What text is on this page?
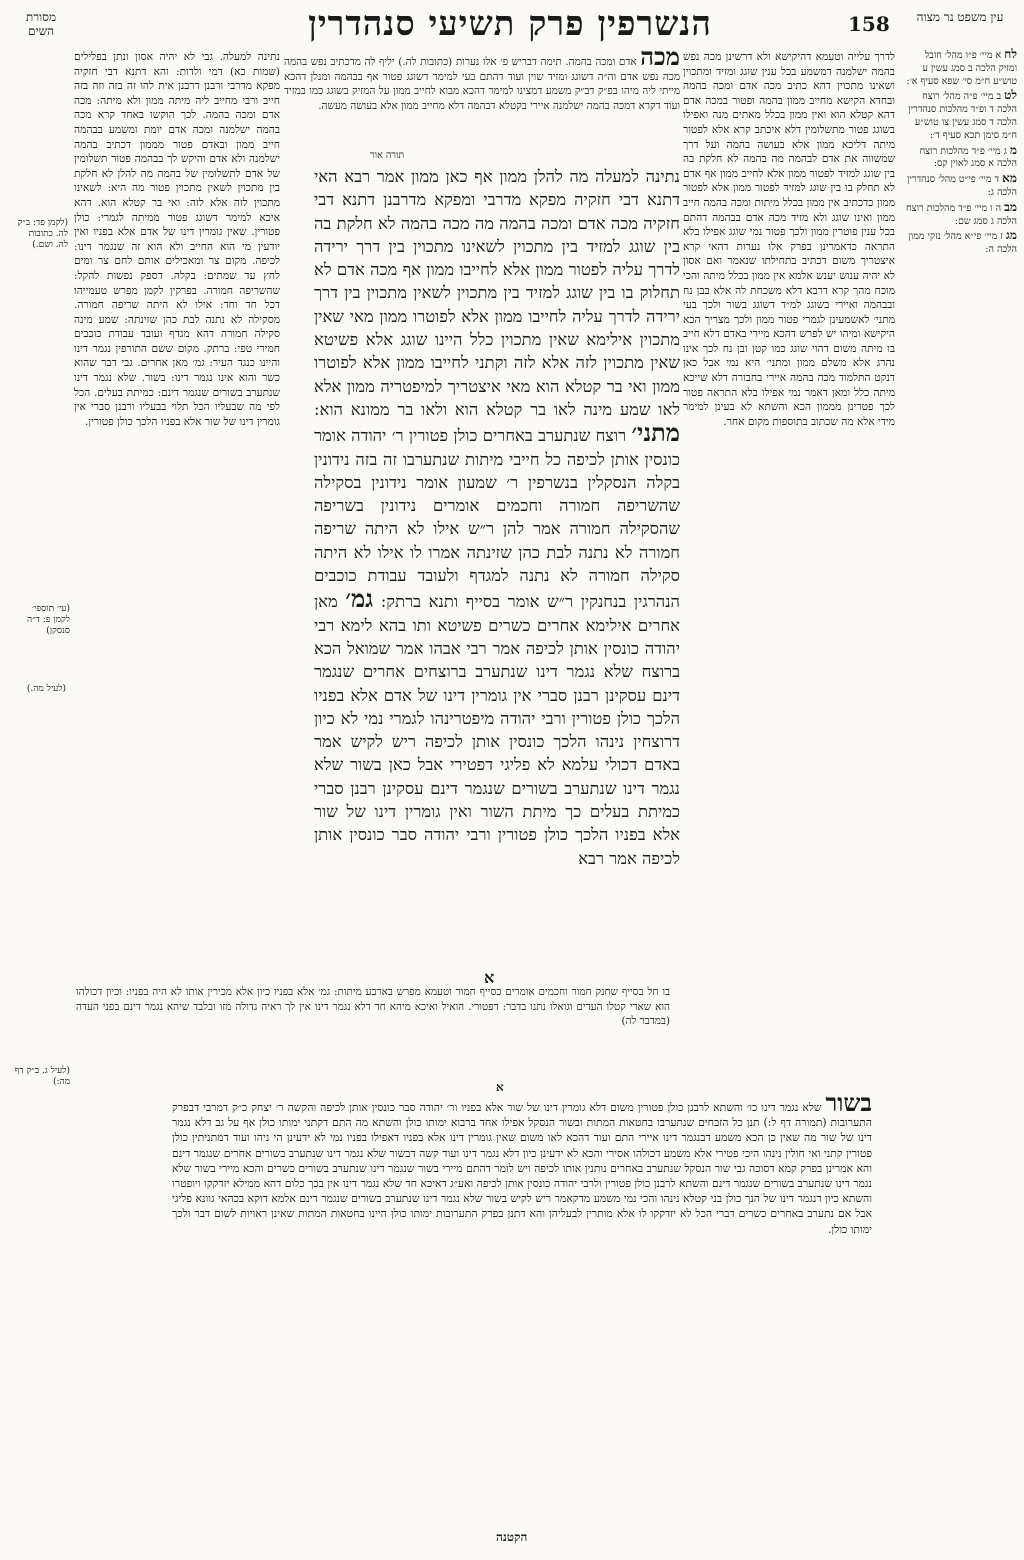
מסורת השים	הנשרפין פרק תשיעי סנהדרין	158	עין משפט נר מצוה
לח א מיי׳ פ״ו מהל׳ חובל ומזיק הלכה ב סמג עשין ע טוש״ע ח״מ סי׳ שפא סעיף א׳:
לט ב מיי׳ פ״ה מהל׳ רוצח הלכה ד ופ״ד מהלכות סנהדרין הלכה ד סמג עשין צו טוש״ע ח״מ סימן תכא סעיף ד׳:
מ ג מיי׳ פ״ד מהלכות רוצח הלכה א סמג לאוין קס:
מא ד מיי׳ פי״ט מהל׳ סנהדרין הלכה ג:
מב ה ו מיי׳ פ״ד מהלכות רוצח הלכה ג סמג שם:
מג ז מיי׳ פי״א מהל׳ נזקי ממון הלכה ה:
(לקמן פד: ב״ק לה. כתובות לה. ושם.)
(עי׳ תוספי׳ לקמן פ: ד״ה סנסקן)
(לעיל מה.)
(לעיל ג. ב״ק דף מה:)
נתינה למעלה. גבי לא יהיה אסון ונתן בפלילים (שמות כא) דמי ולדות: והא דתנא דבי חזקיה מפקא מדרבי ורבנן דרבנן אית להו זה בזה וזה בזה חייב ורבי מחייב ליה מיתה ממון ולא מיתה: מכה אדם ומכה בהמה. לכך הוקשו באחד קרא מכה בהמה ישלמנה ומכה אדם יומת ומשמע בבהמה חייב ממון ובאדם פטור מממון דכתיב בהמה ישלמנה ולא אדם והיקש לך בבהמה פטור תשלומין של אדם לתשלומין של בהמה מה להלן לא חלקת בין מתכוין לשאין מתכוין פטור מה היא: לשאינו מתכוין לזה אלא לזה: ואי בר קטלא הוא. דהא איכא למימר דשוגג פטור ממיתה לגמרי: כולן פטורין. שאין גומרין דינו של אדם אלא בפניו ואין יודעין מי הוא החייב ולא הוא זה שנגמר דינו: לכיפה. מקום צר ומאכילים אותם לחם צר ומים לחץ עד שמתים: בקלה. דספק נפשות להקל: שהשריפה חמורה. בפרקין לקמן מפרש טעמייהו דכל חד וחד: אילו לא היתה שריפה חמורה. מסקילה לא נתנה לבת כהן שזינתה: שמע מינה סקילה חמורה דהא מגדף ועובד עבודת כוכבים חמירי טפי: ברתק. מקום ששם התורפין נגמר דינו והיינו כנגד העיר: גמ׳ מאן אחרים. גבי דבר שהוא כשר והוא אינו נגמר דינו: בשור. שלא נגמר דינו שנתערב בשורים שנגמר דינם: כמיתת בעלים. הכל לפי מה שבעליו הכל תלוי בבעליו ורבנן סברי אין גומרין דינו של שור אלא בפניו הלכך כולן פטורין.
מכה אדם ומכה בהמה. תימה דבריש פ׳ אלו נערות (כתובות לה.) יליף לה מדכתיב נפש בהמה מכה נפש אדם וה״ה דשוגג ומזיד שוין ועוד דהתם בעי למימר דשוגג פטור אף בבהמה ומנלן דהכא מייתי ליה מיהו בפ״ק דב״ק משמע דמצינו למימר דהכא מבוא לחייב ממון על המזיק בשוגג כמו במזיד ועוד דקרא דמכה בהמה ישלמנה איירי בקטלא דבהמה דלא מחייב ממון אלא בעושה מעשה.
תורה אור
לדרך עלייה וטעמא דהיקישא ולא דרשינן מכה נפש בהמה ישלמנה דמשמע בכל ענין שוגג ומזיד ומתכוין ושאינו מתכוין דהא כתיב מכה אדם ומכה בהמה ובחדא הקישא מחייב ממון בהמה ופטור במכה אדם דהא קטלא הוא ואין ממון בכלל מאתים מנה ואפילו בשוגג פטור מתשלומין דלא איכתב קרא אלא לפטור מיתה דליכא ממון אלא בעושה בהמה ועל דרך שמשווה את אדם לבהמה מה בהמה לא חלקת בה בין שוגג למזיד לפטור ממון אלא לחייב ממון אף אדם לא תחלק בו בין שוגג למזיד לפטור ממון אלא לפטור ממון כדכתיב אין ממון בכלל מיתות ומכה בהמה חייב ממון ואינו שוגג ולא מזיד מכה אדם בבהמה דהתם בכל ענין פוטרין ממון ולכך פטור נמי שוגג אפילו בלא התראה כדאמרינן בפרק אלו נערות דהאי קרא איצטריך משום דכתיב בתחילתו שנאמר ואם אסון לא יהיה ענוש יענש אלמא אין ממון בכלל מיתה והכי מוכח מהך קרא דרבא דלא משכחת לה אלא בבן נח ובבהמה ואיירי בשוגג למ״ד דשוגג בשור ולכך בעי מתני׳ לאשמעינן לגמרי פטור ממון ולכך מצריך הכא היקישא ומיהו יש לפרש דהכא מיירי באדם דלא חייב בו מיתה משום דהוי שוגג כמו קטן ובן נח לכך אינו נהרג אלא משלם ממון ומתני׳ היא נמי אבל כאן דנקט התלמוד מכה בהמה איירי בחבורה דלא שייכא מיתה כלל ומאן דאמר נמי אפילו בלא התראה פטור לכך פטרינן מממון הכא והשתא לא בעינן למימר מידי אלא מה שכתוב בתוספות מקום אחר.
נתינה למעלה מה להלן ממון אף כאן ממון אמר רבא האי דתנא דבי חזקיה מפקא מדרבי ומפקא מדרבנן דתנא דבי חזקיה מכה אדם ומכה בהמה מה מכה בהמה לא חלקת בה בין שוגג למזיד בין מתכוין לשאינו מתכוין בין דרך ירידה לדרך עליה לפטור ממון אלא לחייבו ממון אף מכה אדם לא תחלוק בו בין שוגג למזיד בין מתכוין לשאין מתכוין בין דרך ירידה לדרך עליה לחייבו ממון אלא לפוטרו ממון מאי שאין מתכוין אילימא שאין מתכוין כלל היינו שוגג אלא פשיטא שאין מתכוין לזה אלא לזה וקתני לחייבו ממון אלא לפוטרו ממון ואי בר קטלא הוא מאי איצטריך למיפטריה ממון אלא לאו שמע מינה לאו בר קטלא הוא ולאו בר ממונא הוא: מתני׳ רוצח שנתערב באחרים כולן פטורין ר׳ יהודה אומר כונסין אותן לכיפה כל חייבי מיתות שנתערבו זה בזה נידונין בקלה הנסקלין בנשרפין ר׳ שמעון אומר נידונין בסקילה שהשריפה חמורה וחכמים אומרים נידונין בשריפה שהסקילה חמורה אמר להן ר״ש אילו לא היתה שריפה חמורה לא נתנה לבת כהן שזינתה אמרו לו אילו לא היתה סקילה חמורה לא נתנה למגדף ולעובד עבודת כוכבים הנהרגין בנחנקין ר״ש אומר בסייף ותנא ברתק: גמ׳ מאן אחרים אילימא אחרים כשרים פשיטא ותו בהא לימא רבי יהודה כונסין אותן לכיפה אמר רבי אבהו אמר שמואל הכא ברוצח שלא נגמר דינו שנתערב ברוצחים אחרים שנגמר דינם עסקינן רבנן סברי אין גומרין דינו של אדם אלא בפניו הלכך כולן פטורין ורבי יהודה מיפטרינהו לגמרי נמי לא כיון דרוצחין נינהו הלכך כונסין אותן לכיפה ריש לקיש אמר באדם דכולי עלמא לא פליגי דפטירי אבל כאן בשור שלא נגמר דינו שנתערב בשורים שנגמר דינם עסקינן רבנן סברי כמיתת בעלים כך מיתת השור ואין גומרין דינו של שור אלא בפניו הלכך כולן פטורין ורבי יהודה סבר כונסין אותן לכיפה אמר רבא
א
בו חל בסייף שחנק חמור וחכמים אומרים כסייף חמור וטעמא מפרש בארבע מיתות: גמ׳ אלא בפניו כיון אלא מכירין אותו לא היה בפניו: וכיון דכולהו הוא שארי קטלו העדים וגואלו נתנו בדבר: דפטורי. הואיל ואיכא מיהא חד דלא נגמר דינו אין לך ראיה גדולה מזו ובלבד שיהא נגמר דינם בפני העדה (במדבר לה)
א
בשור שלא נגמר דינו כו׳ והשתא לרבנן כולן פטורין משום דלא גומרין דינו של שור אלא בפניו ור׳ יהודה סבר כונסין אותן לכיפה והקשה ר׳ יצחק כ״ק דמרבי דבפרק התערובות (תמורה דף ל:) תנן כל הזבחים שנתערבו בחטאות המתות ובשור הנסקל אפילו אחד ברבוא ימותו כולן והשתא מה התם דקתני ימותו כולן אף על גב דלא נגמר דינו של שור מה שאין כן הכא משמע דבנגמר דינו איירי התם ועוד דהכא לאו משום שאין גומרין דינו אלא בפניו דאפילו בפניו נמי לא ידעינן הי ניהו ועוד דמתניתין כולן פטורין קתני ואי חולין נינהו היכי פטירי אלא משמע דכולהו אסירי והכא לא ידעינן כיון דלא נגמר דינו ועוד קשה דבשור שלא נגמר דינו שנתערב בשורים אחרים שנגמר דינם והא אמרינן בפרק קמא דסוכה גבי שור הנסקל שנתערב באחרים נותנין אותו לכיפה ויש לומר דהתם מיירי בשור שנגמר דינו שנתערב בשורים כשרים והכא מיירי בשור שלא נגמר דינו שנתערב בשורים שנגמר דינם והשתא לרבנן כולן פטורין ולרבי יהודה כונסין אותן לכיפה ואע״ג דאיכא חד שלא נגמר דינו אין בכך כלום דהא ממילא יזדקקו ויופטרו והשתא כיון דנגמר דינו של הנך כולן בני קטלא נינהו והכי נמי משמע מדקאמר ריש לקיש בשור שלא נגמר דינו שנתערב בשורים שנגמר דינם אלמא דוקא בכהאי גוונא פליגי אבל אם נתערב באחרים כשרים דברי הכל לא יזדקקו לו אלא מותרין לבעליהן והא דתנן בפרק התערובות ימותו כולן היינו בחטאות המתות שאינן ראויות לשום דבר ולכך ימותו כולן.
הקטנה
